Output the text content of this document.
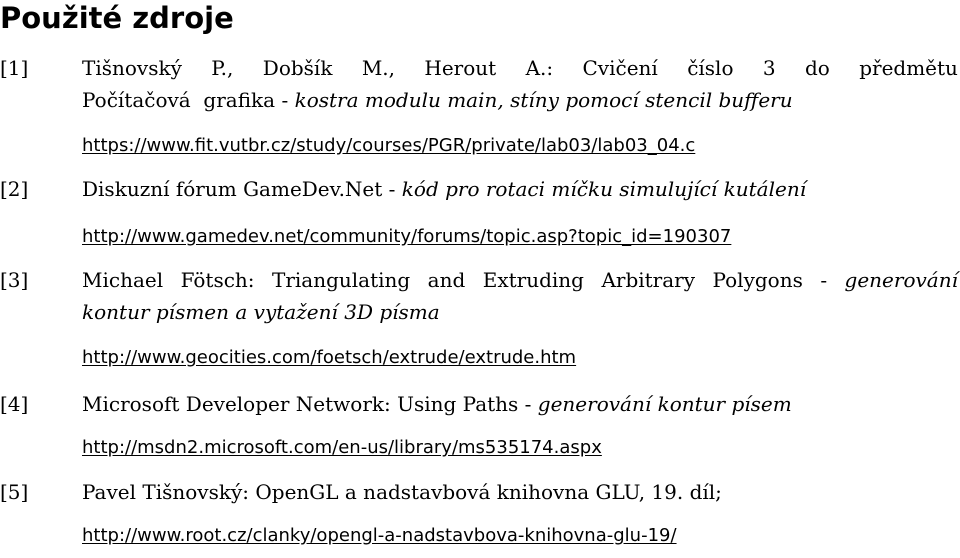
Použité zdroje
[1]	Tišnovský P., Dobšík M., Herout A.: Cvičení číslo 3 do předmětu
Počítačová  grafika - kostra modulu main, stíny pomocí stencil bufferu
https://www.fit.vutbr.cz/study/courses/PGR/private/lab03/lab03_04.c
[2]	Diskuzní fórum GameDev.Net - kód pro rotaci míčku simulující kutálení
http://www.gamedev.net/community/forums/topic.asp?topic_id=190307
[3]	Michael Fötsch: Triangulating and Extruding Arbitrary Polygons - generování
kontur písmen a vytažení 3D písma
http://www.geocities.com/foetsch/extrude/extrude.htm
[4]	Microsoft Developer Network: Using Paths - generování kontur písem
http://msdn2.microsoft.com/en-us/library/ms535174.aspx
[5]	Pavel Tišnovský: OpenGL a nadstavbová knihovna GLU, 19. díl;
http://www.root.cz/clanky/opengl-a-nadstavbova-knihovna-glu-19/
